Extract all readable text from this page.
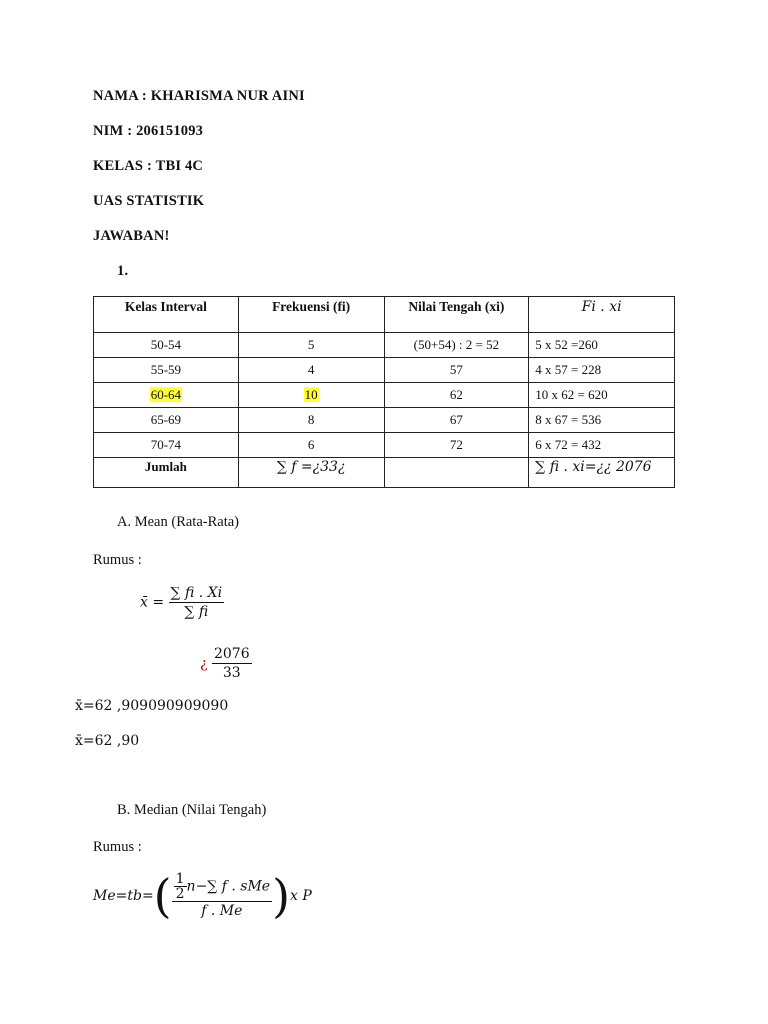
NAMA : KHARISMA NUR AINI
NIM : 206151093
KELAS : TBI 4C
UAS STATISTIK
JAWABAN!
1.
Kelas Interval	Frekuensi (fi)	Nilai Tengah (xi)	Fi . xi
50-54	5	(50+54) : 2 = 52	5 x 52 =260
55-59	4	57	4 x 57 = 228
60-64	10	62	10 x 62 = 620
65-69	8	67	8 x 67 = 536
70-74	6	72	6 x 72 = 432
Jumlah	∑ f =¿33¿		∑ fi . xi=¿¿ 2076
A. Mean (Rata-Rata)
Rumus :
x̄ = $\frac{\sum fi . Xi}{\sum fi}$
¿ $\frac{2076}{33}$
x̄=62 ,909090909090
x̄=62 ,90
B. Median (Nilai Tengah)
Rumus :
$Me=tb=( \frac{\frac{1}{2} n-\sum f . sMe}{f . Me} )x$ P
